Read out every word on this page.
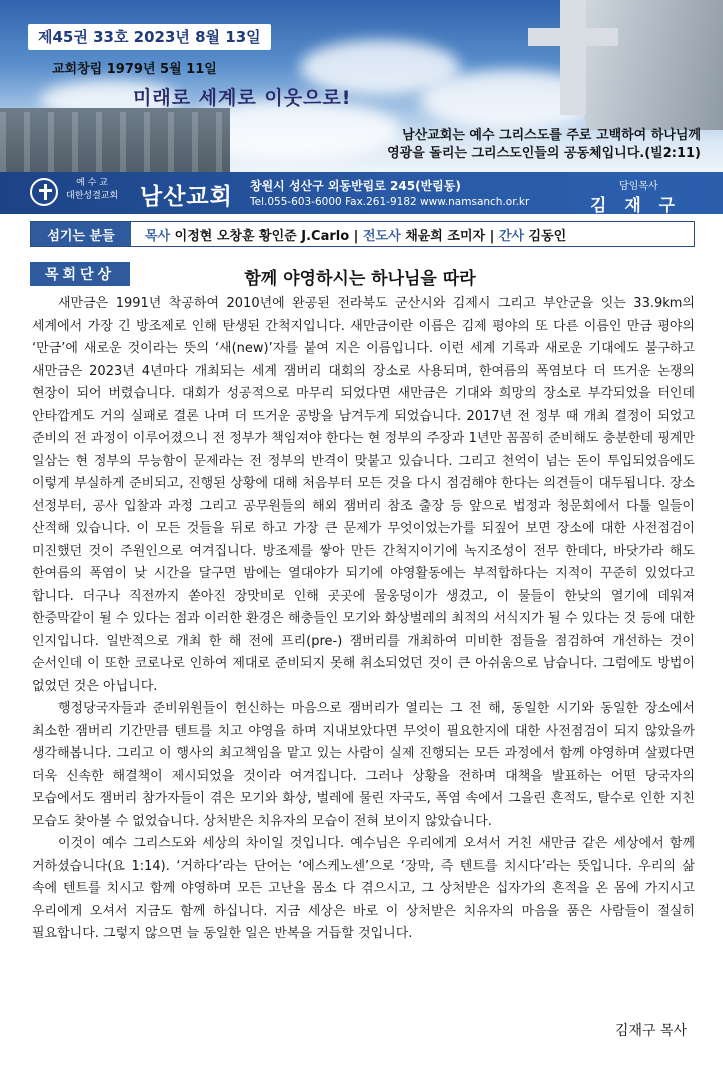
제45권 33호 2023년 8월 13일
교회창립 1979년 5월 11일
미래로 세계로 이웃으로!
남산교회는 예수 그리스도를 주로 고백하여 하나님께
영광을 돌리는 그리스도인들의 공동체입니다.(빌2:11)
예 수 교
대한성결교회 남산교회 창원시 성산구 외동반림로 245(반림동)
Tel.055-603-6000 Fax.261-9182 www.namsanch.or.kr
담임목사
김 재 구
섬기는 분들	목사 이정현 오창훈 황인준 J.Carlo | 전도사 채윤희 조미자 | 간사 김동인
목회단상	함께 야영하시는 하나님을 따라

새만금은 1991년 착공하여 2010년에 완공된 전라북도 군산시와 김제시 그리고 부안군을 잇는 33.9km의 세계에서 가장 긴 방조제로 인해 탄생된 간척지입니다. 새만금이란 이름은 김제 평야의 또 다른 이름인 만금 평야의 ‘만금’에 새로운 것이라는 뜻의 ‘새(new)’자를 붙여 지은 이름입니다. 이런 세계 기록과 새로운 기대에도 불구하고 새만금은 2023년 4년마다 개최되는 세계 잼버리 대회의 장소로 사용되며, 한여름의 폭염보다 더 뜨거운 논쟁의 현장이 되어 버렸습니다. 대회가 성공적으로 마무리 되었다면 새만금은 기대와 희망의 장소로 부각되었을 터인데 안타깝게도 거의 실패로 결론 나며 더 뜨거운 공방을 남겨두게 되었습니다. 2017년 전 정부 때 개최 결정이 되었고 준비의 전 과정이 이루어졌으니 전 정부가 책임져야 한다는 현 정부의 주장과 1년만 꼼꼼히 준비해도 충분한데 핑계만 일삼는 현 정부의 무능함이 문제라는 전 정부의 반격이 맞붙고 있습니다. 그리고 천억이 넘는 돈이 투입되었음에도 이렇게 부실하게 준비되고, 진행된 상황에 대해 처음부터 모든 것을 다시 점검해야 한다는 의견들이 대두됩니다. 장소 선정부터, 공사 입찰과 과정 그리고 공무원들의 해외 잼버리 참조 출장 등 앞으로 법정과 청문회에서 다툴 일들이 산적해 있습니다. 이 모든 것들을 뒤로 하고 가장 큰 문제가 무엇이었는가를 되짚어 보면 장소에 대한 사전점검이 미진했던 것이 주원인으로 여겨집니다. 방조제를 쌓아 만든 간척지이기에 녹지조성이 전무 한데다, 바닷가라 해도 한여름의 폭염이 낮 시간을 달구면 밤에는 열대야가 되기에 야영활동에는 부적합하다는 지적이 꾸준히 있었다고 합니다. 더구나 직전까지 쏟아진 장맛비로 인해 곳곳에 물웅덩이가 생겼고, 이 물들이 한낮의 열기에 데워져 한증막같이 될 수 있다는 점과 이러한 환경은 해충들인 모기와 화상벌레의 최적의 서식지가 될 수 있다는 것 등에 대한 인지입니다. 일반적으로 개최 한 해 전에 프리(pre-) 잼버리를 개최하여 미비한 점들을 점검하여 개선하는 것이 순서인데 이 또한 코로나로 인하여 제대로 준비되지 못해 취소되었던 것이 큰 아쉬움으로 남습니다. 그럼에도 방법이 없었던 것은 아닙니다.

행정당국자들과 준비위원들이 헌신하는 마음으로 잼버리가 열리는 그 전 해, 동일한 시기와 동일한 장소에서 최소한 잼버리 기간만큼 텐트를 치고 야영을 하며 지내보았다면 무엇이 필요한지에 대한 사전점검이 되지 않았을까 생각해봅니다. 그리고 이 행사의 최고책임을 맡고 있는 사람이 실제 진행되는 모든 과정에서 함께 야영하며 살폈다면 더욱 신속한 해결책이 제시되었을 것이라 여겨집니다. 그러나 상황을 전하며 대책을 발표하는 어떤 당국자의 모습에서도 잼버리 참가자들이 겪은 모기와 화상, 벌레에 물린 자국도, 폭염 속에서 그을린 흔적도, 탈수로 인한 지친 모습도 찾아볼 수 없었습니다. 상처받은 치유자의 모습이 전혀 보이지 않았습니다.

이것이 예수 그리스도와 세상의 차이일 것입니다. 예수님은 우리에게 오셔서 거친 새만금 같은 세상에서 함께 거하셨습니다(요 1:14). ‘거하다’라는 단어는 ‘에스케노센’으로 ‘장막, 즉 텐트를 치시다’라는 뜻입니다. 우리의 삶 속에 텐트를 치시고 함께 야영하며 모든 고난을 몸소 다 겪으시고, 그 상처받은 십자가의 흔적을 온 몸에 가지시고 우리에게 오셔서 지금도 함께 하십니다. 지금 세상은 바로 이 상처받은 치유자의 마음을 품은 사람들이 절실히 필요합니다. 그렇지 않으면 늘 동일한 일은 반복을 거듭할 것입니다.

김재구 목사
